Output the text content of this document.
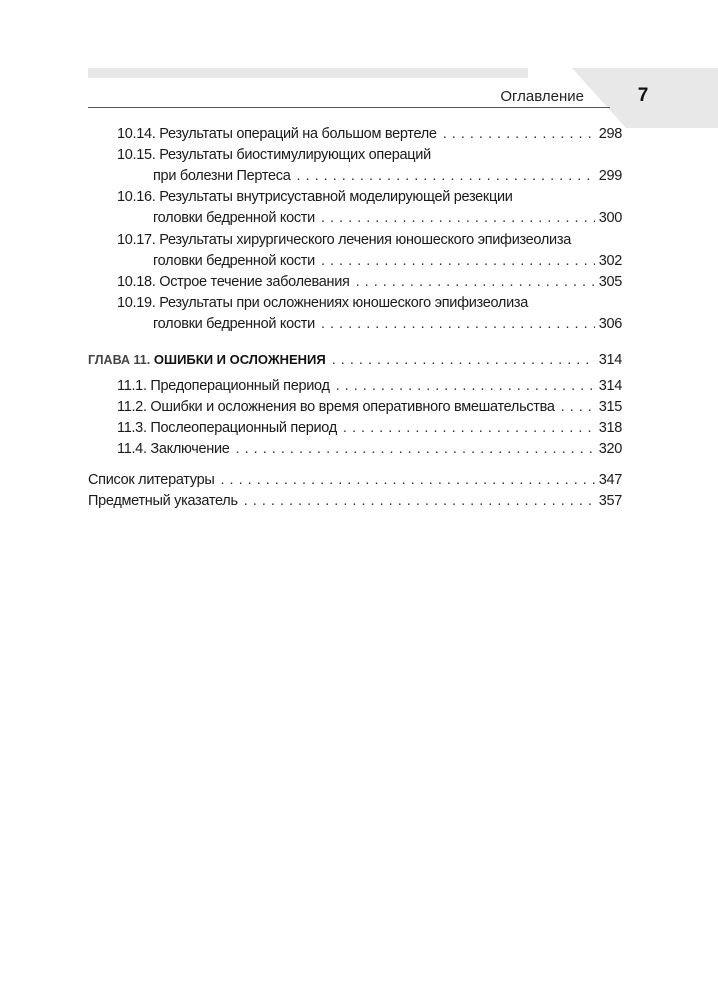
Оглавление	7
10.14. Результаты операций на большом вертеле . . .	298
10.15. Результаты биостимулирующих операций
при болезни Пертеса . . .	299
10.16. Результаты внутрисуставной моделирующей резекции
головки бедренной кости . . .	300
10.17. Результаты хирургического лечения юношеского эпифизеолиза
головки бедренной кости . . .	302
10.18. Острое течение заболевания . . .	305
10.19. Результаты при осложнениях юношеского эпифизеолиза
головки бедренной кости . . .	306
ГЛАВА 11. ОШИБКИ И ОСЛОЖНЕНИЯ . . .	314
11.1. Предоперационный период . . .	314
11.2. Ошибки и осложнения во время оперативного вмешательства . . .	315
11.3. Послеоперационный период . . .	318
11.4. Заключение . . .	320
Список литературы . . .	347
Предметный указатель . . .	357
